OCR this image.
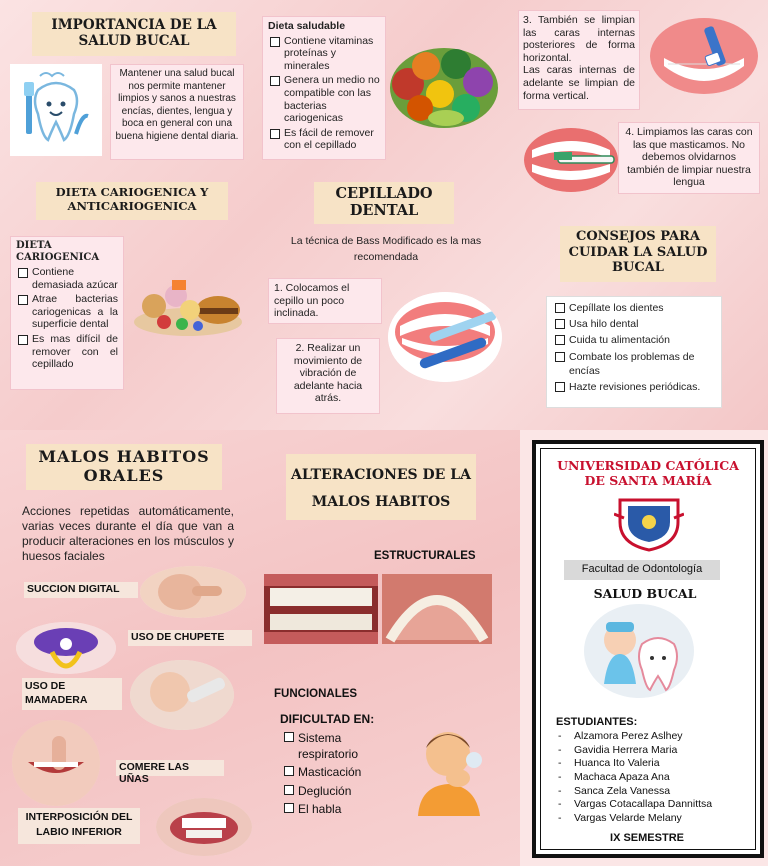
IMPORTANCIA DE LA SALUD BUCAL
Mantener una salud bucal nos permite mantener limpios y sanos a nuestras encías, dientes, lengua y boca en general con una buena higiene dental diaria.
Dieta saludable
Contiene vitaminas proteínas y minerales
Genera un medio no compatible con las bacterias cariogenicas
Es fácil de remover con el cepillado
3. También se limpian las caras internas posteriores de forma horizontal.
Las caras internas de adelante se limpian de forma vertical.
4. Limpiamos las caras con las que masticamos. No debemos olvidarnos también de limpiar nuestra lengua
DIETA CARIOGENICA Y ANTICARIOGENICA
DIETA CARIOGENICA
Contiene demasiada azúcar
Atrae bacterias cariogenicas a la superficie dental
Es mas difícil de remover con el cepillado
CEPILLADO DENTAL
La técnica de Bass Modificado es la mas recomendada
1. Colocamos el cepillo un poco inclinada.
2. Realizar un movimiento de vibración de adelante hacia atrás.
CONSEJOS PARA CUIDAR LA SALUD BUCAL
Cepíllate los dientes
Usa hilo dental
Cuida tu alimentación
Combate los problemas de encías
Hazte revisiones periódicas.
MALOS HABITOS ORALES
Acciones repetidas automáticamente, varias veces durante el día que van a producir alteraciones en los músculos y huesos faciales
SUCCION DIGITAL
USO DE CHUPETE
USO DE MAMADERA
COMERE LAS UÑAS
INTERPOSICIÓN DEL LABIO INFERIOR
ALTERACIONES DE LA MALOS HABITOS
ESTRUCTURALES
FUNCIONALES
DIFICULTAD EN:
Sistema respiratorio
Masticación
Deglución
El habla
UNIVERSIDAD CATÓLICA DE SANTA MARÍA
Facultad de Odontología
SALUD BUCAL
ESTUDIANTES:
- Alzamora Perez Aslhey
- Gavidia Herrera Maria
- Huanca Ito Valeria
- Machaca Apaza Ana
- Sanca Zela Vanessa
- Vargas Cotacallapa Dannittsa
- Vargas Velarde Melany
IX SEMESTRE
